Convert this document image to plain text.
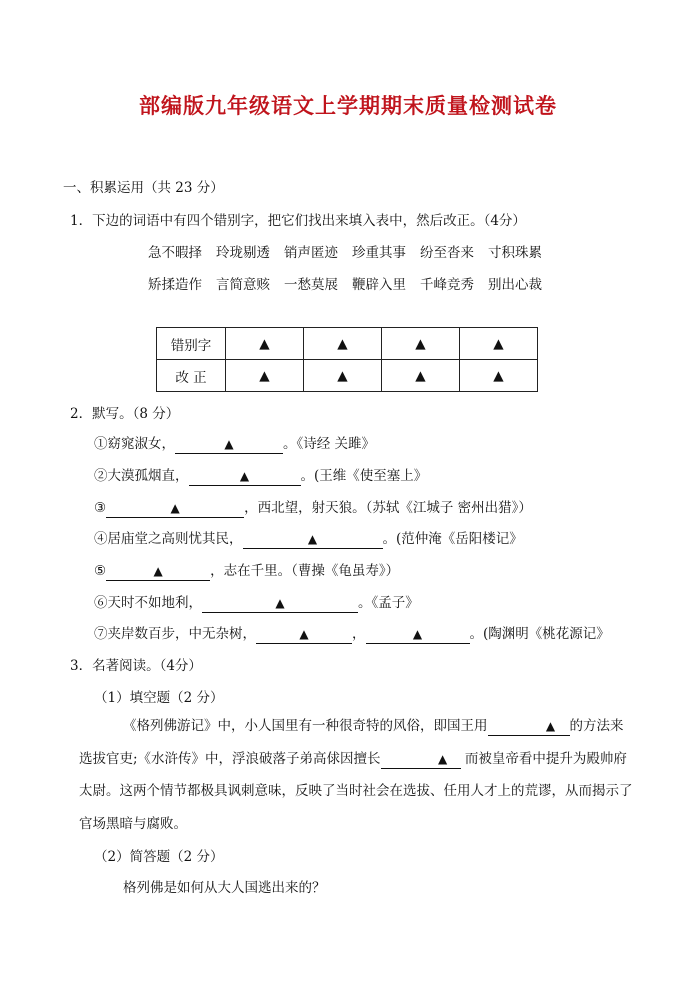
部编版九年级语文上学期期末质量检测试卷
一、积累运用（共 23 分）
1．下边的词语中有四个错别字，把它们找出来填入表中，然后改正。（4分）
急不暇择 玲珑剔透 销声匿迹 珍重其事 纷至沓来 寸积珠累
矫揉造作 言简意赅 一愁莫展 鞭辟入里 千峰竞秀 别出心裁
错别字	▲	▲	▲	▲
改 正	▲	▲	▲	▲
2．默写。（8 分）
①窈窕淑女，	▲	。《诗经 关雎》
②大漠孤烟直，	▲	。(王维《使至塞上》
③	▲	，西北望，射天狼。（苏轼《江城子 密州出猎》）
④居庙堂之高则忧其民，	▲	。(范仲淹《岳阳楼记》
⑤	▲	，志在千里。（曹操《龟虽寿》）
⑥天时不如地利，	▲	。《孟子》
⑦夹岸数百步，中无杂树，	▲	，	▲	。(陶渊明《桃花源记》
3．名著阅读。（4分）
（1）填空题（2 分）
《格列佛游记》中，小人国里有一种很奇特的风俗，即国王用	▲ 的方法来选拔官吏;《水浒传》中，浮浪破落子弟高俅因擅长	▲ 而被皇帝看中提升为殿帅府太尉。这两个情节都极具讽刺意味，反映了当时社会在选拔、任用人才上的荒谬，从而揭示了官场黑暗与腐败。
（2）简答题（2 分）
格列佛是如何从大人国逃出来的？
